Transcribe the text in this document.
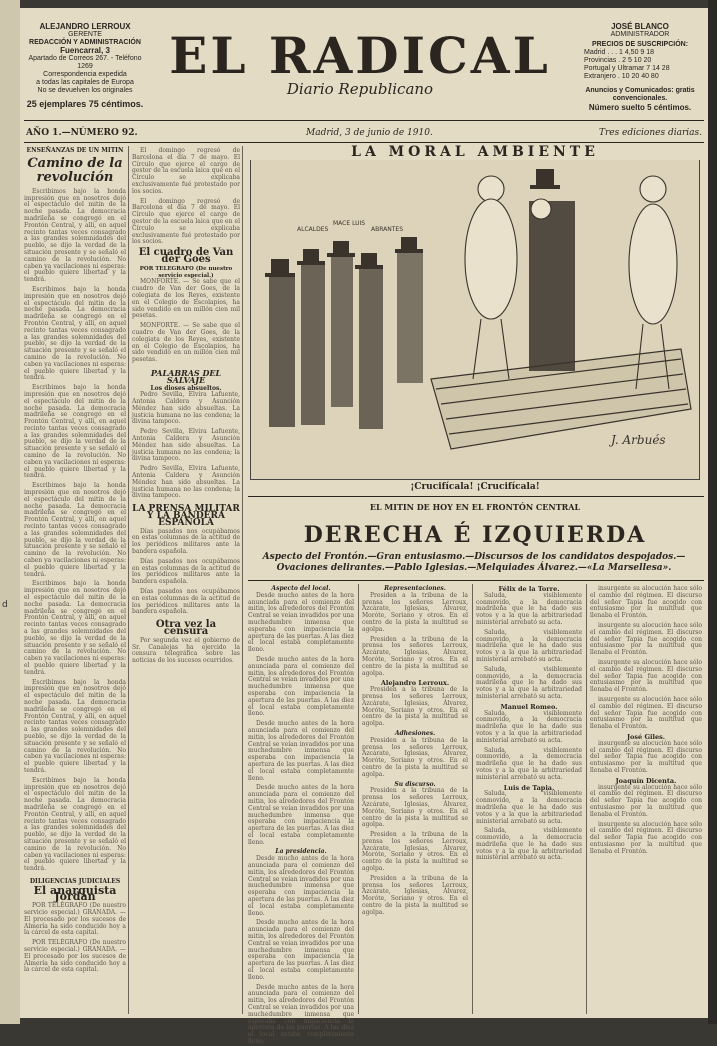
d
ALEJANDRO LERROUX
GERENTE
REDACCIÓN Y ADMINISTRACIÓN
Fuencarral, 3
Apartado de Correos 267. - Teléfono 1269
Correspondencia expedida
a todas las capitales de Europa
No se devuelven los originales
25 ejemplares 75 céntimos.
EL RADICAL
Diario Republicano
JOSÉ BLANCO
ADMINISTRADOR
PRECIOS DE SUSCRIPCIÓN:
Madrid . . . 1 4,50 9 18
Provincias . 2 5 10 20
Portugal y Ultramar 7 14 28
Extranjero . 10 20 40 80
Anuncios y Comunicados: gratis convencionales.
Número suelto 5 céntimos.
AÑO 1.—NÚMERO 92.	Madrid, 3 de junio de 1910.	Tres ediciones diarias.
ENSEÑANZAS DE UN MITIN
Camino de la revolución

Escribimos bajo la honda impresión que en nosotros dejó el espectáculo del mitin de la noche pasada. La democracia madrileña se congregó en el Frontón Central, y allí, en aquel recinto tantas veces consagrado a las grandes solemnidades del pueblo, se dijo la verdad de la situación presente y se señaló el camino de la revolución. No caben ya vacilaciones ni esperas: el pueblo quiere libertad y la tendrá.

Escribimos bajo la honda impresión que en nosotros dejó el espectáculo del mitin de la noche pasada. La democracia madrileña se congregó en el Frontón Central, y allí, en aquel recinto tantas veces consagrado a las grandes solemnidades del pueblo, se dijo la verdad de la situación presente y se señaló el camino de la revolución. No caben ya vacilaciones ni esperas: el pueblo quiere libertad y la tendrá.

Escribimos bajo la honda impresión que en nosotros dejó el espectáculo del mitin de la noche pasada. La democracia madrileña se congregó en el Frontón Central, y allí, en aquel recinto tantas veces consagrado a las grandes solemnidades del pueblo, se dijo la verdad de la situación presente y se señaló el camino de la revolución. No caben ya vacilaciones ni esperas: el pueblo quiere libertad y la tendrá.

Escribimos bajo la honda impresión que en nosotros dejó el espectáculo del mitin de la noche pasada. La democracia madrileña se congregó en el Frontón Central, y allí, en aquel recinto tantas veces consagrado a las grandes solemnidades del pueblo, se dijo la verdad de la situación presente y se señaló el camino de la revolución. No caben ya vacilaciones ni esperas: el pueblo quiere libertad y la tendrá.

Escribimos bajo la honda impresión que en nosotros dejó el espectáculo del mitin de la noche pasada. La democracia madrileña se congregó en el Frontón Central, y allí, en aquel recinto tantas veces consagrado a las grandes solemnidades del pueblo, se dijo la verdad de la situación presente y se señaló el camino de la revolución. No caben ya vacilaciones ni esperas: el pueblo quiere libertad y la tendrá.

Escribimos bajo la honda impresión que en nosotros dejó el espectáculo del mitin de la noche pasada. La democracia madrileña se congregó en el Frontón Central, y allí, en aquel recinto tantas veces consagrado a las grandes solemnidades del pueblo, se dijo la verdad de la situación presente y se señaló el camino de la revolución. No caben ya vacilaciones ni esperas: el pueblo quiere libertad y la tendrá.

Escribimos bajo la honda impresión que en nosotros dejó el espectáculo del mitin de la noche pasada. La democracia madrileña se congregó en el Frontón Central, y allí, en aquel recinto tantas veces consagrado a las grandes solemnidades del pueblo, se dijo la verdad de la situación presente y se señaló el camino de la revolución. No caben ya vacilaciones ni esperas: el pueblo quiere libertad y la tendrá.

DILIGENCIAS JUDICIALES
El anarquista Jordán

POR TELÉGRAFO (De nuestro servicio especial.) GRANADA. — El procesado por los sucesos de Almería ha sido conducido hoy a la cárcel de esta capital.

POR TELÉGRAFO (De nuestro servicio especial.) GRANADA. — El procesado por los sucesos de Almería ha sido conducido hoy a la cárcel de esta capital.

El domingo regresó de Barcelona el día 7 de mayo. El Círculo que ejerce el cargo de gestor de la escuela laica que en el Círculo se explicaba exclusivamente fué protestado por los socios.

El domingo regresó de Barcelona el día 7 de mayo. El Círculo que ejerce el cargo de gestor de la escuela laica que en el Círculo se explicaba exclusivamente fué protestado por los socios.

El cuadro de Van der Goes
POR TELEGRAFO (De nuestro servicio especial.)

MONFORTE. — Se sabe que el cuadro de Van der Goes, de la colegiata de los Reyes, existente en el Colegio de Escolapios, ha sido vendido en un millón cien mil pesetas.

MONFORTE. — Se sabe que el cuadro de Van der Goes, de la colegiata de los Reyes, existente en el Colegio de Escolapios, ha sido vendido en un millón cien mil pesetas.

PALABRAS DEL SALVAJE
Los dioses absueltos.

Pedro Sevilla, Elvira Lafuente, Antonia Caldera y Asunción Méndez han sido absueltas. La justicia humana no las condena; la divina tampoco.

Pedro Sevilla, Elvira Lafuente, Antonia Caldera y Asunción Méndez han sido absueltas. La justicia humana no las condena; la divina tampoco.

Pedro Sevilla, Elvira Lafuente, Antonia Caldera y Asunción Méndez han sido absueltas. La justicia humana no las condena; la divina tampoco.

LA PRENSA MILITAR Y LA BANDERA ESPAÑOLA

Días pasados nos ocupábamos en estas columnas de la actitud de los periódicos militares ante la bandera española.

Días pasados nos ocupábamos en estas columnas de la actitud de los periódicos militares ante la bandera española.

Días pasados nos ocupábamos en estas columnas de la actitud de los periódicos militares ante la bandera española.

Otra vez la censura

Por segunda vez el gobierno de Sr. Canalejas ha ejercido la censura telegráfica sobre las noticias de los sucesos ocurridos.

ALCALDES
MACE LUIS
ABRANTES
J. Arbués
LA MORAL AMBIENTE
¡Crucifícala! ¡Crucifícala!
EL MITIN DE HOY EN EL FRONTÓN CENTRAL
DERECHA É IZQUIERDA
Aspecto del Frontón.—Gran entusiasmo.—Discursos de los candidatos despojados.—Ovaciones delirantes.—Pablo Iglesias.—Melquiades Álvarez.—«La Marsellesa».
Aspecto del local.

Desde mucho antes de la hora anunciada para el comienzo del mitin, los alrededores del Frontón Central se veían invadidos por una muchedumbre inmensa que esperaba con impaciencia la apertura de las puertas. A las diez el local estaba completamente lleno.

Desde mucho antes de la hora anunciada para el comienzo del mitin, los alrededores del Frontón Central se veían invadidos por una muchedumbre inmensa que esperaba con impaciencia la apertura de las puertas. A las diez el local estaba completamente lleno.

Desde mucho antes de la hora anunciada para el comienzo del mitin, los alrededores del Frontón Central se veían invadidos por una muchedumbre inmensa que esperaba con impaciencia la apertura de las puertas. A las diez el local estaba completamente lleno.

Desde mucho antes de la hora anunciada para el comienzo del mitin, los alrededores del Frontón Central se veían invadidos por una muchedumbre inmensa que esperaba con impaciencia la apertura de las puertas. A las diez el local estaba completamente lleno.

La presidencia.

Desde mucho antes de la hora anunciada para el comienzo del mitin, los alrededores del Frontón Central se veían invadidos por una muchedumbre inmensa que esperaba con impaciencia la apertura de las puertas. A las diez el local estaba completamente lleno.

Desde mucho antes de la hora anunciada para el comienzo del mitin, los alrededores del Frontón Central se veían invadidos por una muchedumbre inmensa que esperaba con impaciencia la apertura de las puertas. A las diez el local estaba completamente lleno.

Desde mucho antes de la hora anunciada para el comienzo del mitin, los alrededores del Frontón Central se veían invadidos por una muchedumbre inmensa que esperaba con impaciencia la apertura de las puertas. A las diez el local estaba completamente lleno.

Representaciones.

Presiden a la tribuna de la prensa los señores Lerroux, Azcárate, Iglesias, Álvarez, Moróte, Soriano y otros. En el centro de la pista la multitud se agolpa.

Presiden a la tribuna de la prensa los señores Lerroux, Azcárate, Iglesias, Álvarez, Moróte, Soriano y otros. En el centro de la pista la multitud se agolpa.

Alejandro Lerroux.

Presiden a la tribuna de la prensa los señores Lerroux, Azcárate, Iglesias, Álvarez, Moróte, Soriano y otros. En el centro de la pista la multitud se agolpa.

Adhesiones.

Presiden a la tribuna de la prensa los señores Lerroux, Azcárate, Iglesias, Álvarez, Moróte, Soriano y otros. En el centro de la pista la multitud se agolpa.

Su discurso.

Presiden a la tribuna de la prensa los señores Lerroux, Azcárate, Iglesias, Álvarez, Moróte, Soriano y otros. En el centro de la pista la multitud se agolpa.

Presiden a la tribuna de la prensa los señores Lerroux, Azcárate, Iglesias, Álvarez, Moróte, Soriano y otros. En el centro de la pista la multitud se agolpa.

Presiden a la tribuna de la prensa los señores Lerroux, Azcárate, Iglesias, Álvarez, Moróte, Soriano y otros. En el centro de la pista la multitud se agolpa.

Félix de la Torre.

Saluda, visiblemente conmovido, a la democracia madrileña que le ha dado sus votos y a la que la arbitrariedad ministerial arrebató su acta.

Saluda, visiblemente conmovido, a la democracia madrileña que le ha dado sus votos y a la que la arbitrariedad ministerial arrebató su acta.

Saluda, visiblemente conmovido, a la democracia madrileña que le ha dado sus votos y a la que la arbitrariedad ministerial arrebató su acta.

Manuel Romeo.

Saluda, visiblemente conmovido, a la democracia madrileña que le ha dado sus votos y a la que la arbitrariedad ministerial arrebató su acta.

Saluda, visiblemente conmovido, a la democracia madrileña que le ha dado sus votos y a la que la arbitrariedad ministerial arrebató su acta.

Luis de Tapia.

Saluda, visiblemente conmovido, a la democracia madrileña que le ha dado sus votos y a la que la arbitrariedad ministerial arrebató su acta.

Saluda, visiblemente conmovido, a la democracia madrileña que le ha dado sus votos y a la que la arbitrariedad ministerial arrebató su acta.

insurgente su alocución hace sólo el cambio del régimen. El discurso del señor Tapia fue acogido con entusiasmo por la multitud que llenaba el Frontón.

insurgente su alocución hace sólo el cambio del régimen. El discurso del señor Tapia fue acogido con entusiasmo por la multitud que llenaba el Frontón.

insurgente su alocución hace sólo el cambio del régimen. El discurso del señor Tapia fue acogido con entusiasmo por la multitud que llenaba el Frontón.

insurgente su alocución hace sólo el cambio del régimen. El discurso del señor Tapia fue acogido con entusiasmo por la multitud que llenaba el Frontón.

José Giles.

insurgente su alocución hace sólo el cambio del régimen. El discurso del señor Tapia fue acogido con entusiasmo por la multitud que llenaba el Frontón.

Joaquín Dicenta.

insurgente su alocución hace sólo el cambio del régimen. El discurso del señor Tapia fue acogido con entusiasmo por la multitud que llenaba el Frontón.

insurgente su alocución hace sólo el cambio del régimen. El discurso del señor Tapia fue acogido con entusiasmo por la multitud que llenaba el Frontón.
